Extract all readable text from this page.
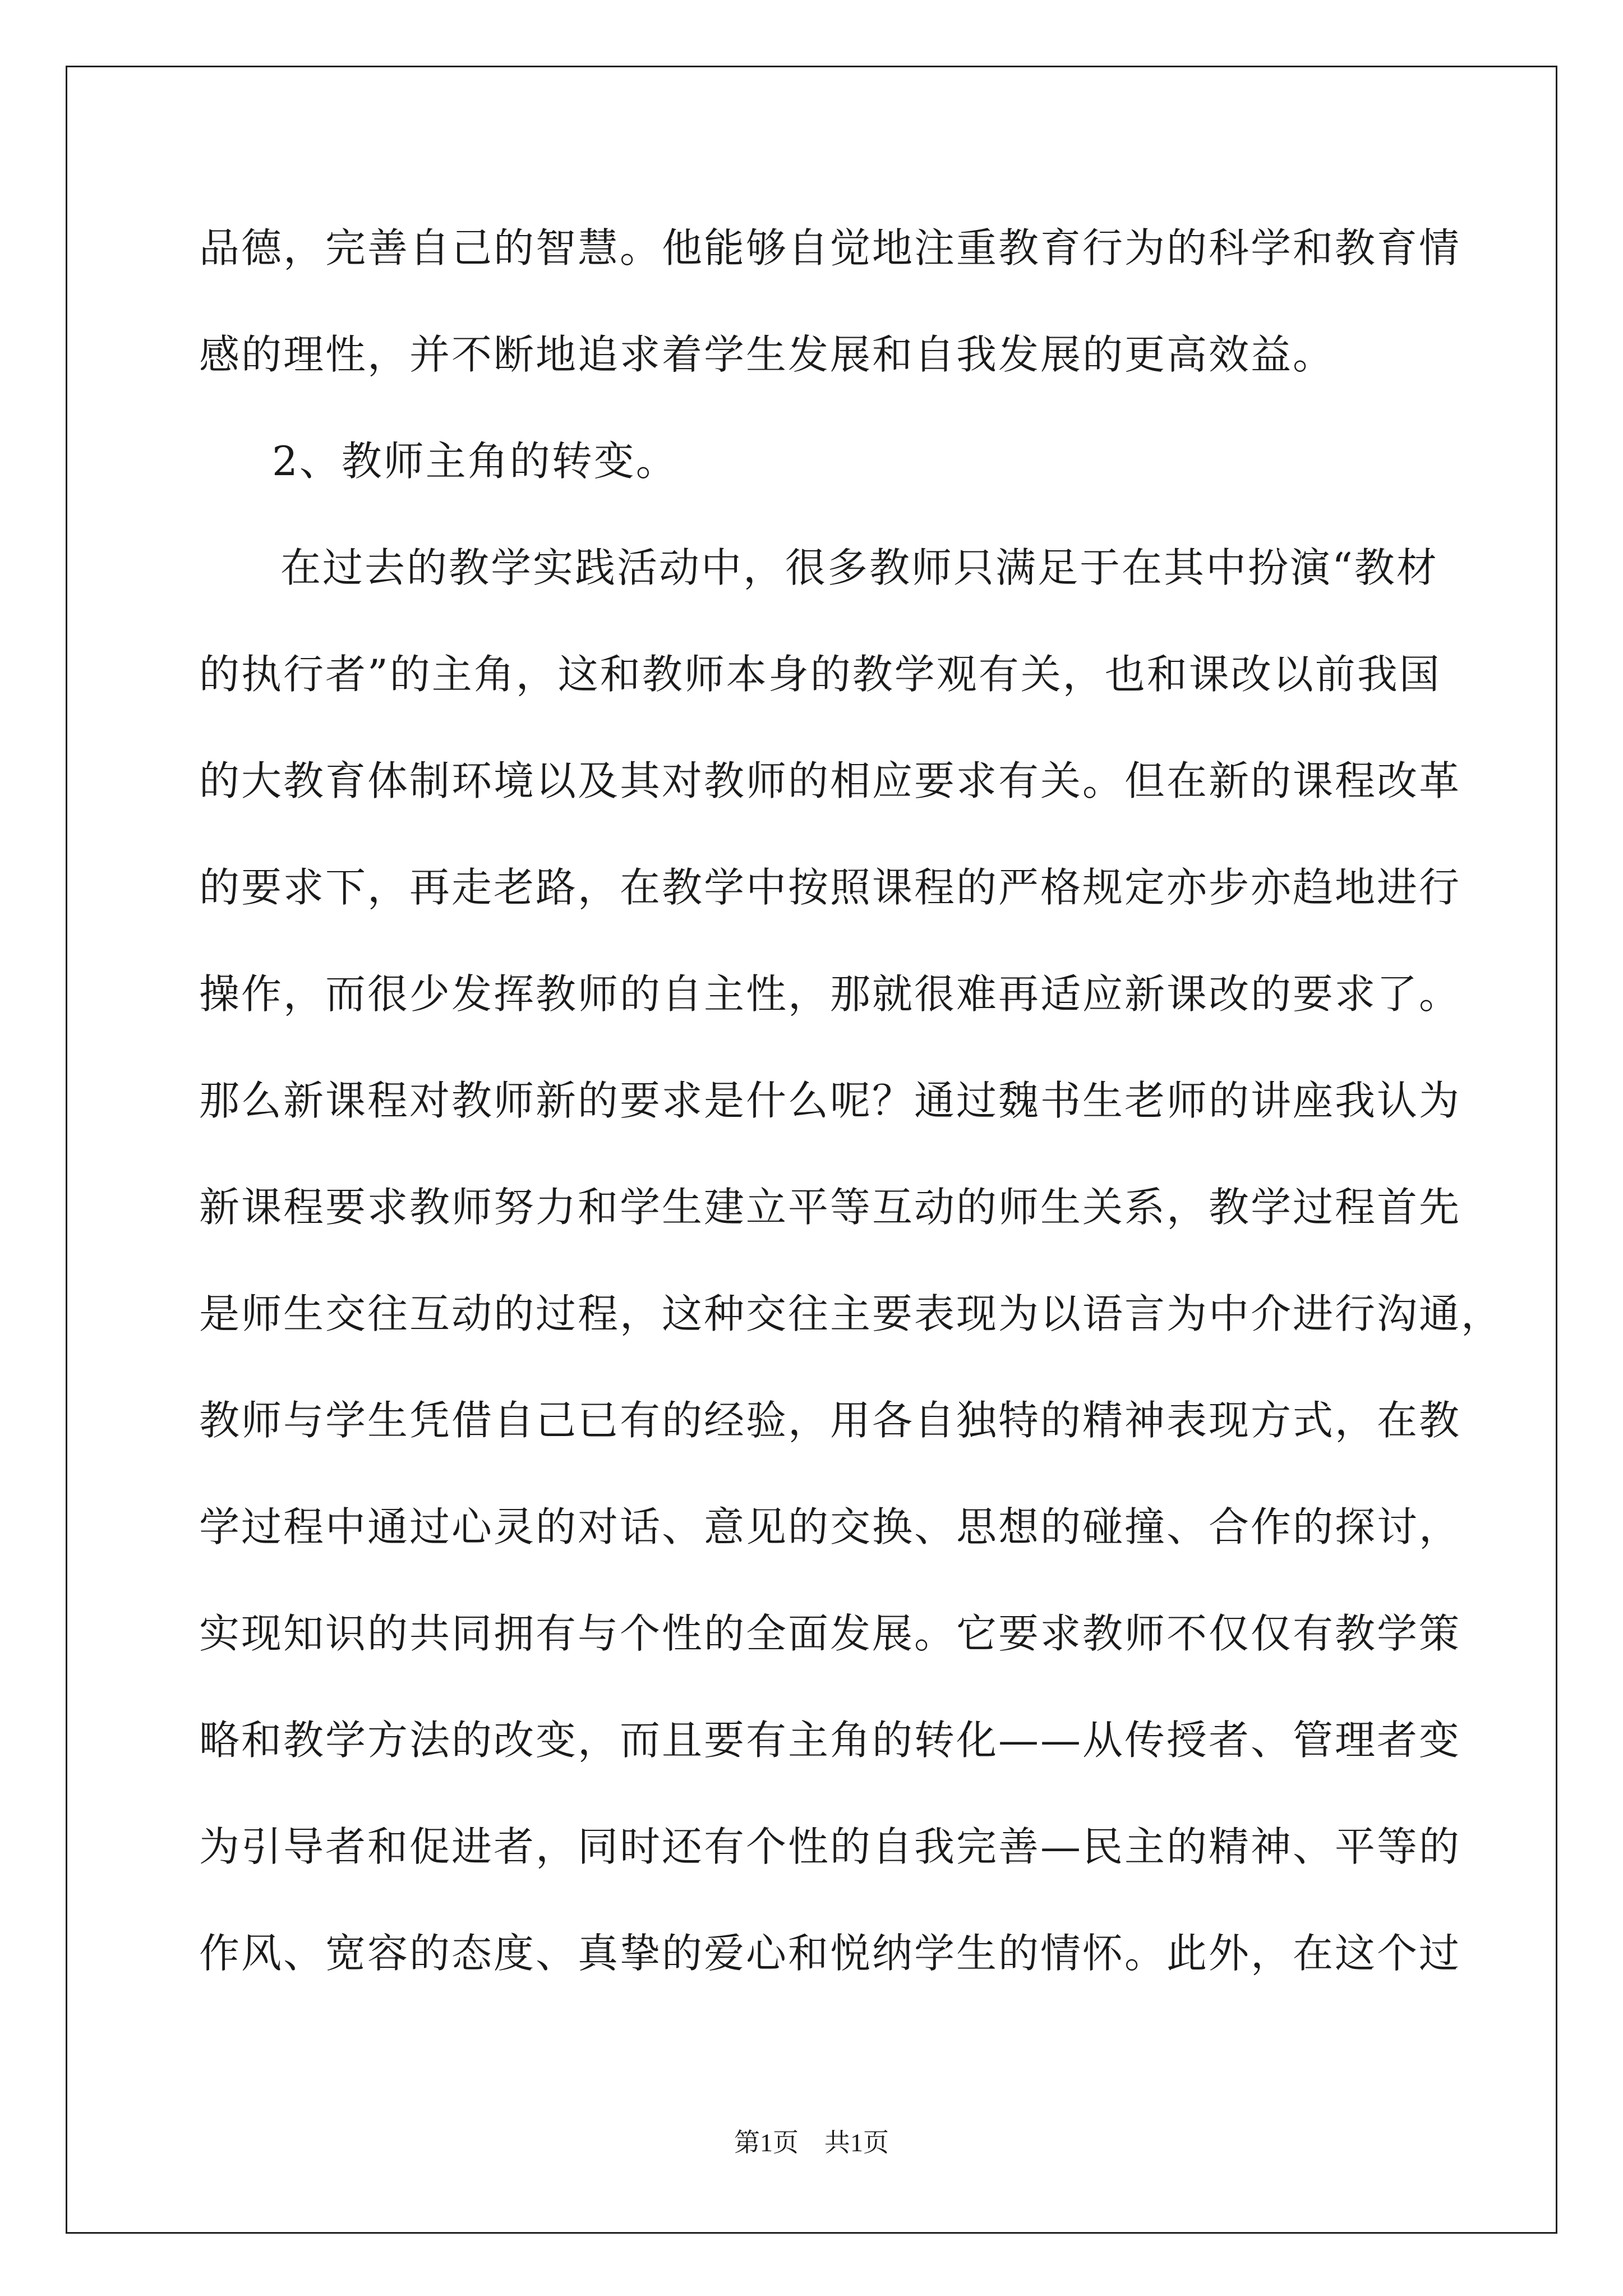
品德，完善自己的智慧。他能够自觉地注重教育行为的科学和教育情
感的理性，并不断地追求着学生发展和自我发展的更高效益。
2、教师主角的转变。
在过去的教学实践活动中，很多教师只满足于在其中扮演“教材
的执行者”的主角，这和教师本身的教学观有关，也和课改以前我国
的大教育体制环境以及其对教师的相应要求有关。但在新的课程改革
的要求下，再走老路，在教学中按照课程的严格规定亦步亦趋地进行
操作，而很少发挥教师的自主性，那就很难再适应新课改的要求了。
那么新课程对教师新的要求是什么呢？通过魏书生老师的讲座我认为
新课程要求教师努力和学生建立平等互动的师生关系，教学过程首先
是师生交往互动的过程，这种交往主要表现为以语言为中介进行沟通，
教师与学生凭借自己已有的经验，用各自独特的精神表现方式，在教
学过程中通过心灵的对话、意见的交换、思想的碰撞、合作的探讨，
实现知识的共同拥有与个性的全面发展。它要求教师不仅仅有教学策
略和教学方法的改变，而且要有主角的转化——从传授者、管理者变
为引导者和促进者，同时还有个性的自我完善—民主的精神、平等的
作风、宽容的态度、真挚的爱心和悦纳学生的情怀。此外，在这个过
第1页 共1页
